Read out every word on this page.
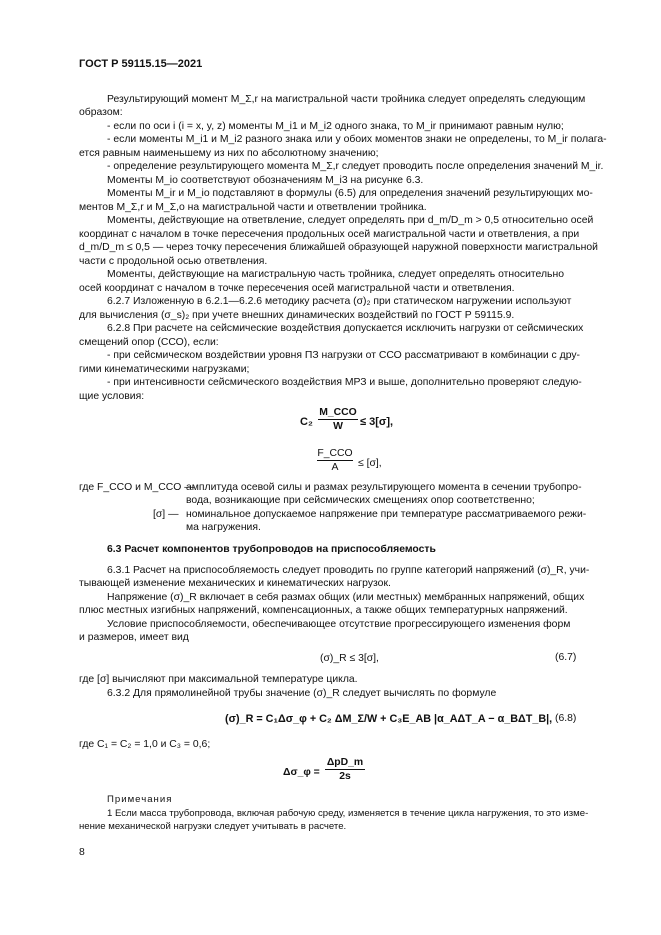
ГОСТ Р 59115.15—2021
Результирующий момент M_Σ,r на магистральной части тройника следует определять следующим
образом:
- если по оси i (i = x, y, z) моменты M_i1 и M_i2 одного знака, то M_ir принимают равным нулю;
- если моменты M_i1 и M_i2 разного знака или у обоих моментов знаки не определены, то M_ir полага-
ется равным наименьшему из них по абсолютному значению;
- определение результирующего момента M_Σ,r следует проводить после определения значений M_ir.
Моменты M_io соответствуют обозначениям M_i3 на рисунке 6.3.
Моменты M_ir и M_io подставляют в формулы (6.5) для определения значений результирующих мо-
ментов M_Σ,r и M_Σ,o на магистральной части и ответвлении тройника.
Моменты, действующие на ответвление, следует определять при d_m/D_m > 0,5 относительно осей
координат с началом в точке пересечения продольных осей магистральной части и ответвления, а при
d_m/D_m ≤ 0,5 — через точку пересечения ближайшей образующей наружной поверхности магистральной
части с продольной осью ответвления.
Моменты, действующие на магистральную часть тройника, следует определять относительно
осей координат с началом в точке пересечения осей магистральной части и ответвления.
6.2.7 Изложенную в 6.2.1—6.2.6 методику расчета (σ)₂ при статическом нагружении используют
для вычисления (σ_s)₂ при учете внешних динамических воздействий по ГОСТ Р 59115.9.
6.2.8 При расчете на сейсмические воздействия допускается исключить нагрузки от сейсмических
смещений опор (ССО), если:
- при сейсмическом воздействии уровня ПЗ нагрузки от ССО рассматривают в комбинации с дру-
гими кинематическими нагрузками;
- при интенсивности сейсмического воздействия МРЗ и выше, дополнительно проверяют следую-
щие условия:
C₂
M_CCO
W	≤ 3[σ],
F_CCO
A	≤ [σ],
где F_CCO и M_CCO —
амплитуда осевой силы и размах результирующего момента в сечении трубопро-
вода, возникающие при сейсмических смещениях опор соответственно;
[σ] — номинальное допускаемое напряжение при температуре рассматриваемого режи-
ма нагружения.
6.3 Расчет компонентов трубопроводов на приспособляемость
6.3.1 Расчет на приспособляемость следует проводить по группе категорий напряжений (σ)_R, учи-
тывающей изменение механических и кинематических нагрузок.
Напряжение (σ)_R включает в себя размах общих (или местных) мембранных напряжений, общих
плюс местных изгибных напряжений, компенсационных, а также общих температурных напряжений.
Условие приспособляемости, обеспечивающее отсутствие прогрессирующего изменения форм
и размеров, имеет вид
(σ)_R ≤ 3[σ],	(6.7)
где [σ] вычисляют при максимальной температуре цикла.
6.3.2 Для прямолинейной трубы значение (σ)_R следует вычислять по формуле
(σ)_R = C₁Δσ_φ + C₂ ΔM_Σ/W + C₃E_AB |α_AΔT_A − α_BΔT_B|, (6.8)
где C₁ = C₂ = 1,0 и C₃ = 0,6;
Δσ_φ =
ΔpD_m
2s
Примечания
1 Если масса трубопровода, включая рабочую среду, изменяется в течение цикла нагружения, то это изме-
нение механической нагрузки следует учитывать в расчете.
8
